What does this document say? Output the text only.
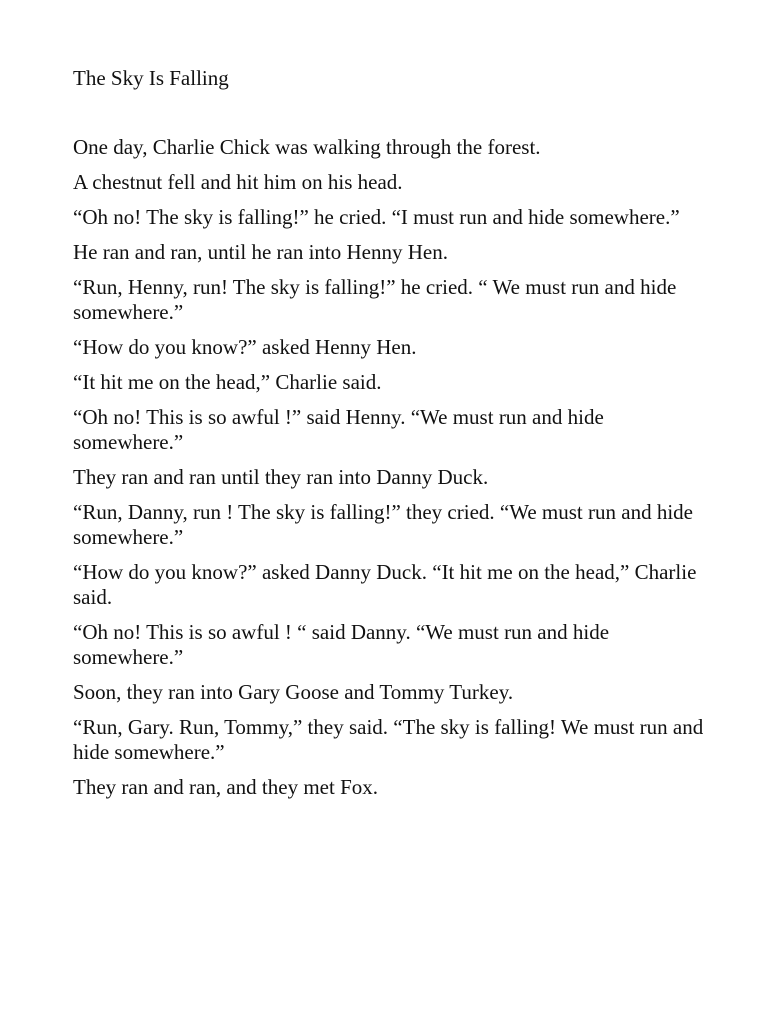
The Sky Is Falling

One day, Charlie Chick was walking through the forest.

A chestnut fell and hit him on his head.

“Oh no! The sky is falling!” he cried. “I must run and hide somewhere.”

He ran and ran, until he ran into Henny Hen.

“Run, Henny, run! The sky is falling!” he cried. “ We must run and hide somewhere.”

“How do you know?” asked Henny Hen.

“It hit me on the head,” Charlie said.

“Oh no! This is so awful !” said Henny. “We must run and hide somewhere.”

They ran and ran until they ran into Danny Duck.

“Run, Danny, run ! The sky is falling!” they cried. “We must run and hide somewhere.”

“How do you know?” asked Danny Duck. “It hit me on the head,” Charlie said.

“Oh no! This is so awful ! “ said Danny. “We must run and hide somewhere.”

Soon, they ran into Gary Goose and Tommy Turkey.

“Run, Gary. Run, Tommy,” they said. “The sky is falling! We must run and hide somewhere.”

They ran and ran, and they met Fox.
